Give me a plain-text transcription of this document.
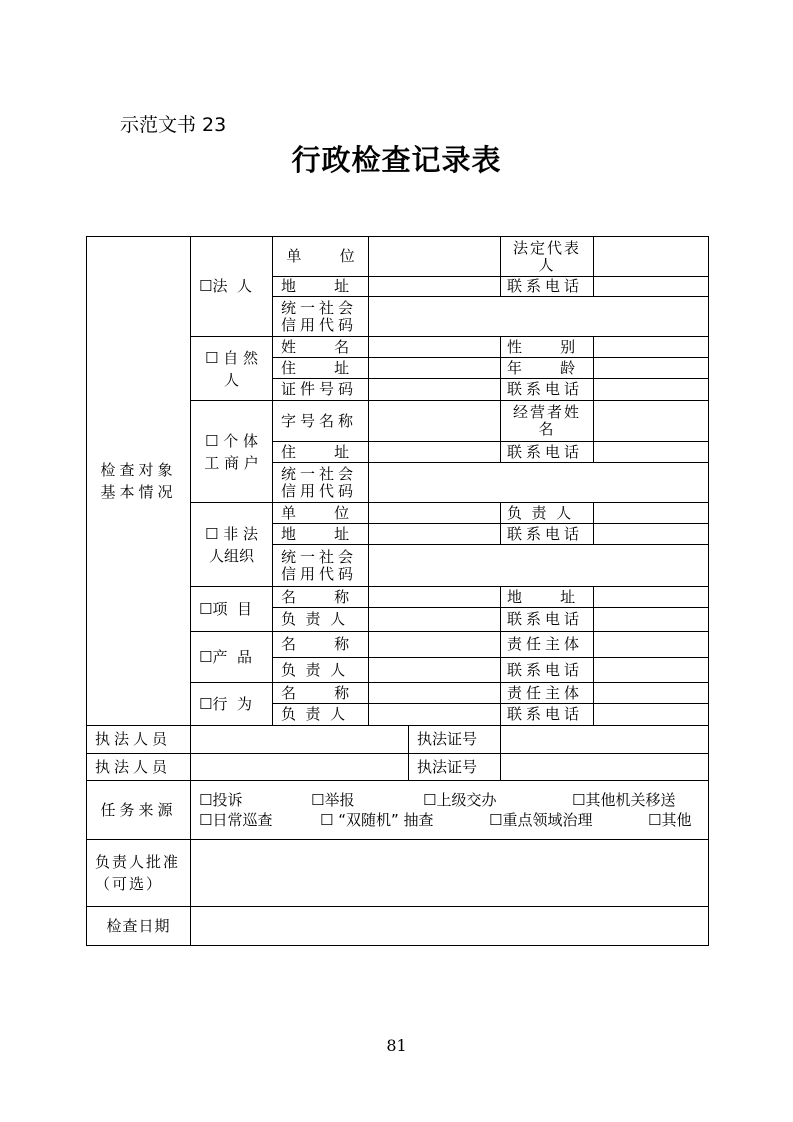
示范文书 23
行政检查记录表
检查对象基本情况
☐法  人
单        位	法定代表人
地        址	联系电话
统一社会信用代码
☐ 自 然 人
姓        名	性        别
住        址	年        龄
证件号码	联系电话
☐ 个 体 工 商 户
字号名称	经营者姓名
住        址	联系电话
统一社会信用代码
☐ 非 法 人组织
单        位	负  责  人
地        址	联系电话
统一社会信用代码
☐项  目
名        称	地        址
负  责  人	联系电话
☐产  品
名        称	责任主体
负  责  人	联系电话
☐行  为
名        称	责任主体
负  责  人	联系电话
执法人员	执法证号
执法人员	执法证号
任务来源
☐投诉	☐举报	☐上级交办	☐其他机关移送
☐日常巡查	☐ “双随机” 抽查	☐重点领域治理	☐其他
负责人批准（可选）
检查日期
81
